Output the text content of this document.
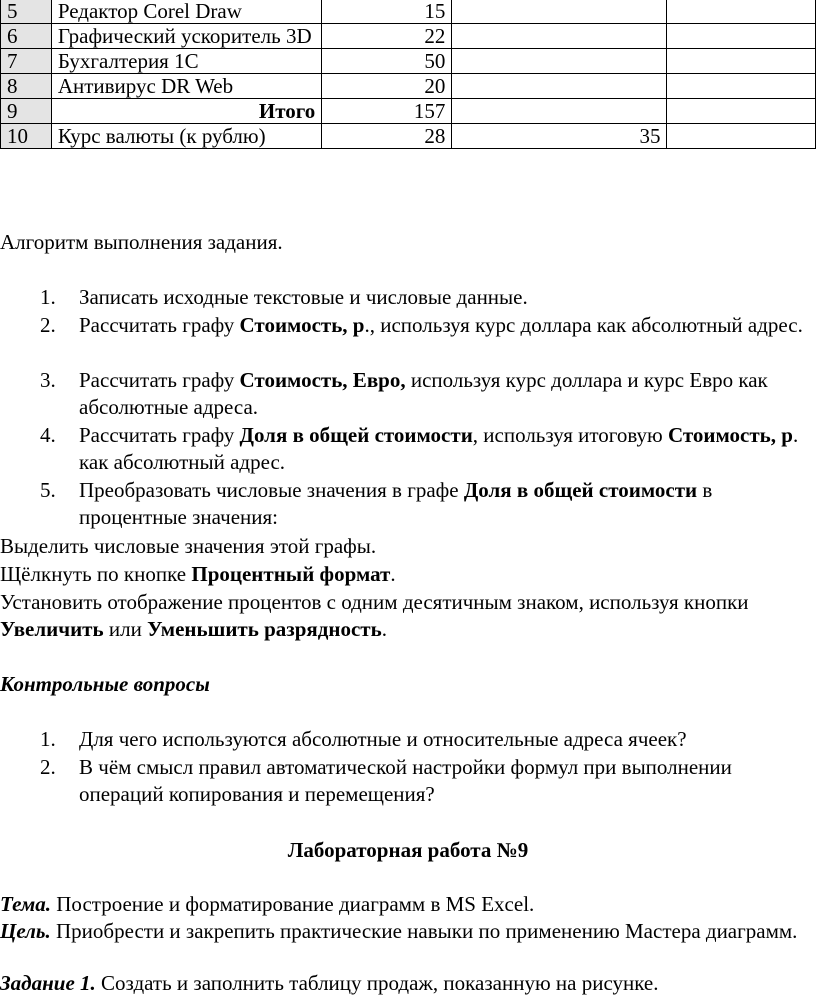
5	Редактор Corel Draw	15		
6	Графический ускоритель 3D	22		
7	Бухгалтерия 1С	50		
8	Антивирус DR Web	20		
9	Итого	157		
10	Курс валюты (к рублю)	28	35	
Алгоритм выполнения задания.
1. Записать исходные текстовые и числовые данные.
2. Рассчитать графу Стоимость, р., используя курс доллара как абсолютный адрес.
3. Рассчитать графу Стоимость, Евро, используя курс доллара и курс Евро как абсолютные адреса.
4. Рассчитать графу Доля в общей стоимости, используя итоговую Стоимость, р. как абсолютный адрес.
5. Преобразовать числовые значения в графе Доля в общей стоимости в процентные значения:
Выделить числовые значения этой графы.
Щёлкнуть по кнопке Процентный формат.
Установить отображение процентов с одним десятичным знаком, используя кнопки Увеличить или Уменьшить разрядность.
Контрольные вопросы
1. Для чего используются абсолютные и относительные адреса ячеек?
2. В чём смысл правил автоматической настройки формул при выполнении операций копирования и перемещения?
Лабораторная работа №9
Тема. Построение и форматирование диаграмм в MS Excel.
Цель. Приобрести и закрепить практические навыки по применению Мастера диаграмм.
Задание 1. Создать и заполнить таблицу продаж, показанную на рисунке.
